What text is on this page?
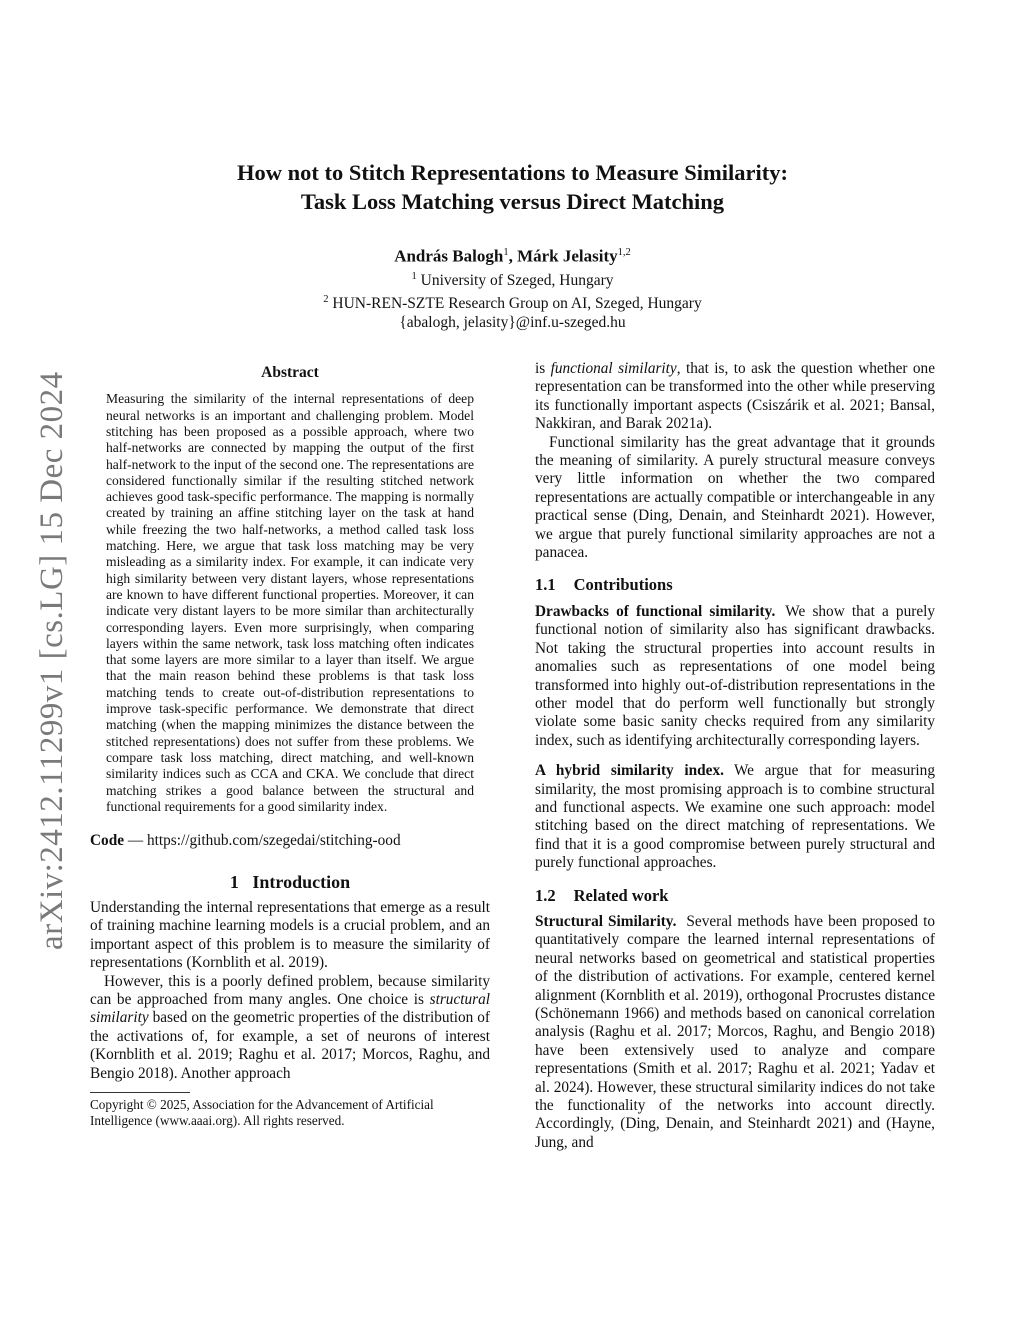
arXiv:2412.11299v1 [cs.LG] 15 Dec 2024
How not to Stitch Representations to Measure Similarity:
Task Loss Matching versus Direct Matching
András Balogh$^1$, Márk Jelasity$^{1,2}$
$^1$ University of Szeged, Hungary
$^2$ HUN-REN-SZTE Research Group on AI, Szeged, Hungary
{abalogh, jelasity}@inf.u-szeged.hu
Abstract
Measuring the similarity of the internal representations of deep neural networks is an important and challenging problem. Model stitching has been proposed as a possible approach, where two half-networks are connected by mapping the output of the first half-network to the input of the second one. The representations are considered functionally similar if the resulting stitched network achieves good task-specific performance. The mapping is normally created by training an affine stitching layer on the task at hand while freezing the two half-networks, a method called task loss matching. Here, we argue that task loss matching may be very misleading as a similarity index. For example, it can indicate very high similarity between very distant layers, whose representations are known to have different functional properties. Moreover, it can indicate very distant layers to be more similar than architecturally corresponding layers. Even more surprisingly, when comparing layers within the same network, task loss matching often indicates that some layers are more similar to a layer than itself. We argue that the main reason behind these problems is that task loss matching tends to create out-of-distribution representations to improve task-specific performance. We demonstrate that direct matching (when the mapping minimizes the distance between the stitched representations) does not suffer from these problems. We compare task loss matching, direct matching, and well-known similarity indices such as CCA and CKA. We conclude that direct matching strikes a good balance between the structural and functional requirements for a good similarity index.
Code — https://github.com/szegedai/stitching-ood
1 Introduction

Understanding the internal representations that emerge as a result of training machine learning models is a crucial problem, and an important aspect of this problem is to measure the similarity of representations (Kornblith et al. 2019).

However, this is a poorly defined problem, because similarity can be approached from many angles. One choice is structural similarity based on the geometric properties of the distribution of the activations of, for example, a set of neurons of interest (Kornblith et al. 2019; Raghu et al. 2017; Morcos, Raghu, and Bengio 2018). Another approach

Copyright © 2025, Association for the Advancement of Artificial Intelligence (www.aaai.org). All rights reserved.

is functional similarity, that is, to ask the question whether one representation can be transformed into the other while preserving its functionally important aspects (Csiszárik et al. 2021; Bansal, Nakkiran, and Barak 2021a).

Functional similarity has the great advantage that it grounds the meaning of similarity. A purely structural measure conveys very little information on whether the two compared representations are actually compatible or interchangeable in any practical sense (Ding, Denain, and Steinhardt 2021). However, we argue that purely functional similarity approaches are not a panacea.

1.1 Contributions

Drawbacks of functional similarity. We show that a purely functional notion of similarity also has significant drawbacks. Not taking the structural properties into account results in anomalies such as representations of one model being transformed into highly out-of-distribution representations in the other model that do perform well functionally but strongly violate some basic sanity checks required from any similarity index, such as identifying architecturally corresponding layers.

A hybrid similarity index. We argue that for measuring similarity, the most promising approach is to combine structural and functional aspects. We examine one such approach: model stitching based on the direct matching of representations. We find that it is a good compromise between purely structural and purely functional approaches.

1.2 Related work

Structural Similarity. Several methods have been proposed to quantitatively compare the learned internal representations of neural networks based on geometrical and statistical properties of the distribution of activations. For example, centered kernel alignment (Kornblith et al. 2019), orthogonal Procrustes distance (Schönemann 1966) and methods based on canonical correlation analysis (Raghu et al. 2017; Morcos, Raghu, and Bengio 2018) have been extensively used to analyze and compare representations (Smith et al. 2017; Raghu et al. 2021; Yadav et al. 2024). However, these structural similarity indices do not take the functionality of the networks into account directly. Accordingly, (Ding, Denain, and Steinhardt 2021) and (Hayne, Jung, and
